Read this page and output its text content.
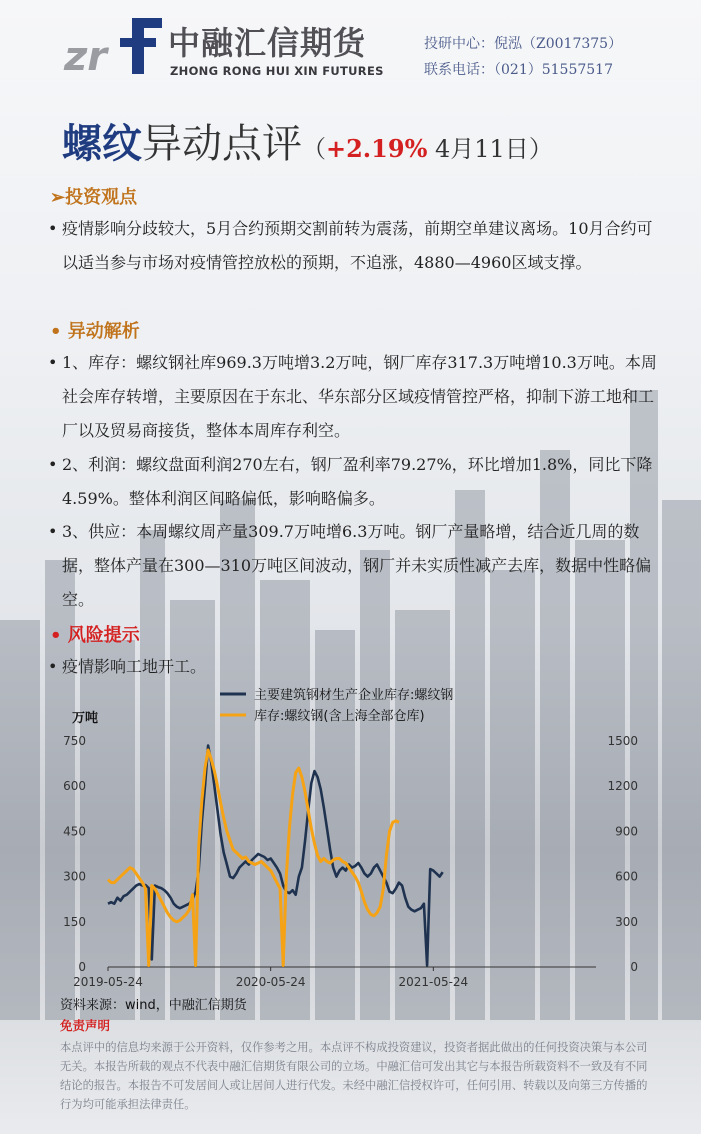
zr 中融汇信期货
ZHONG RONG HUI XIN FUTURES
投研中心：倪泓（Z0017375）
联系电话：（021）51557517
螺纹异动点评（+2.19% 4月11日）
➢投资观点
• 疫情影响分歧较大，5月合约预期交割前转为震荡，前期空单建议离场。10月合约可以适当参与市场对疫情管控放松的预期，不追涨，4880—4960区域支撑。
• 异动解析
• 1、库存：螺纹钢社库969.3万吨增3.2万吨，钢厂库存317.3万吨增10.3万吨。本周社会库存转增，主要原因在于东北、华东部分区域疫情管控严格，抑制下游工地和工厂以及贸易商接货，整体本周库存利空。
• 2、利润：螺纹盘面利润270左右，钢厂盈利率79.27%，环比增加1.8%，同比下降4.59%。整体利润区间略偏低，影响略偏多。
• 3、供应：本周螺纹周产量309.7万吨增6.3万吨。钢厂产量略增，结合近几周的数据，整体产量在300—310万吨区间波动，钢厂并未实质性减产去库，数据中性略偏空。
• 风险提示
• 疫情影响工地开工。
主要建筑钢材生产企业库存:螺纹钢
库存:螺纹钢(含上海全部仓库)
万吨
0
150
300
450
600
750
0
300
600
900
1200
1500
2019-05-24	2020-05-24	2021-05-24
资料来源：wind，中融汇信期货
免责声明
本点评中的信息均来源于公开资料，仅作参考之用。本点评不构成投资建议，投资者据此做出的任何投资决策与本公司无关。本报告所载的观点不代表中融汇信期货有限公司的立场。中融汇信可发出其它与本报告所载资料不一致及有不同结论的报告。本报告不可发居间人或让居间人进行代发。未经中融汇信授权许可，任何引用、转载以及向第三方传播的行为均可能承担法律责任。
